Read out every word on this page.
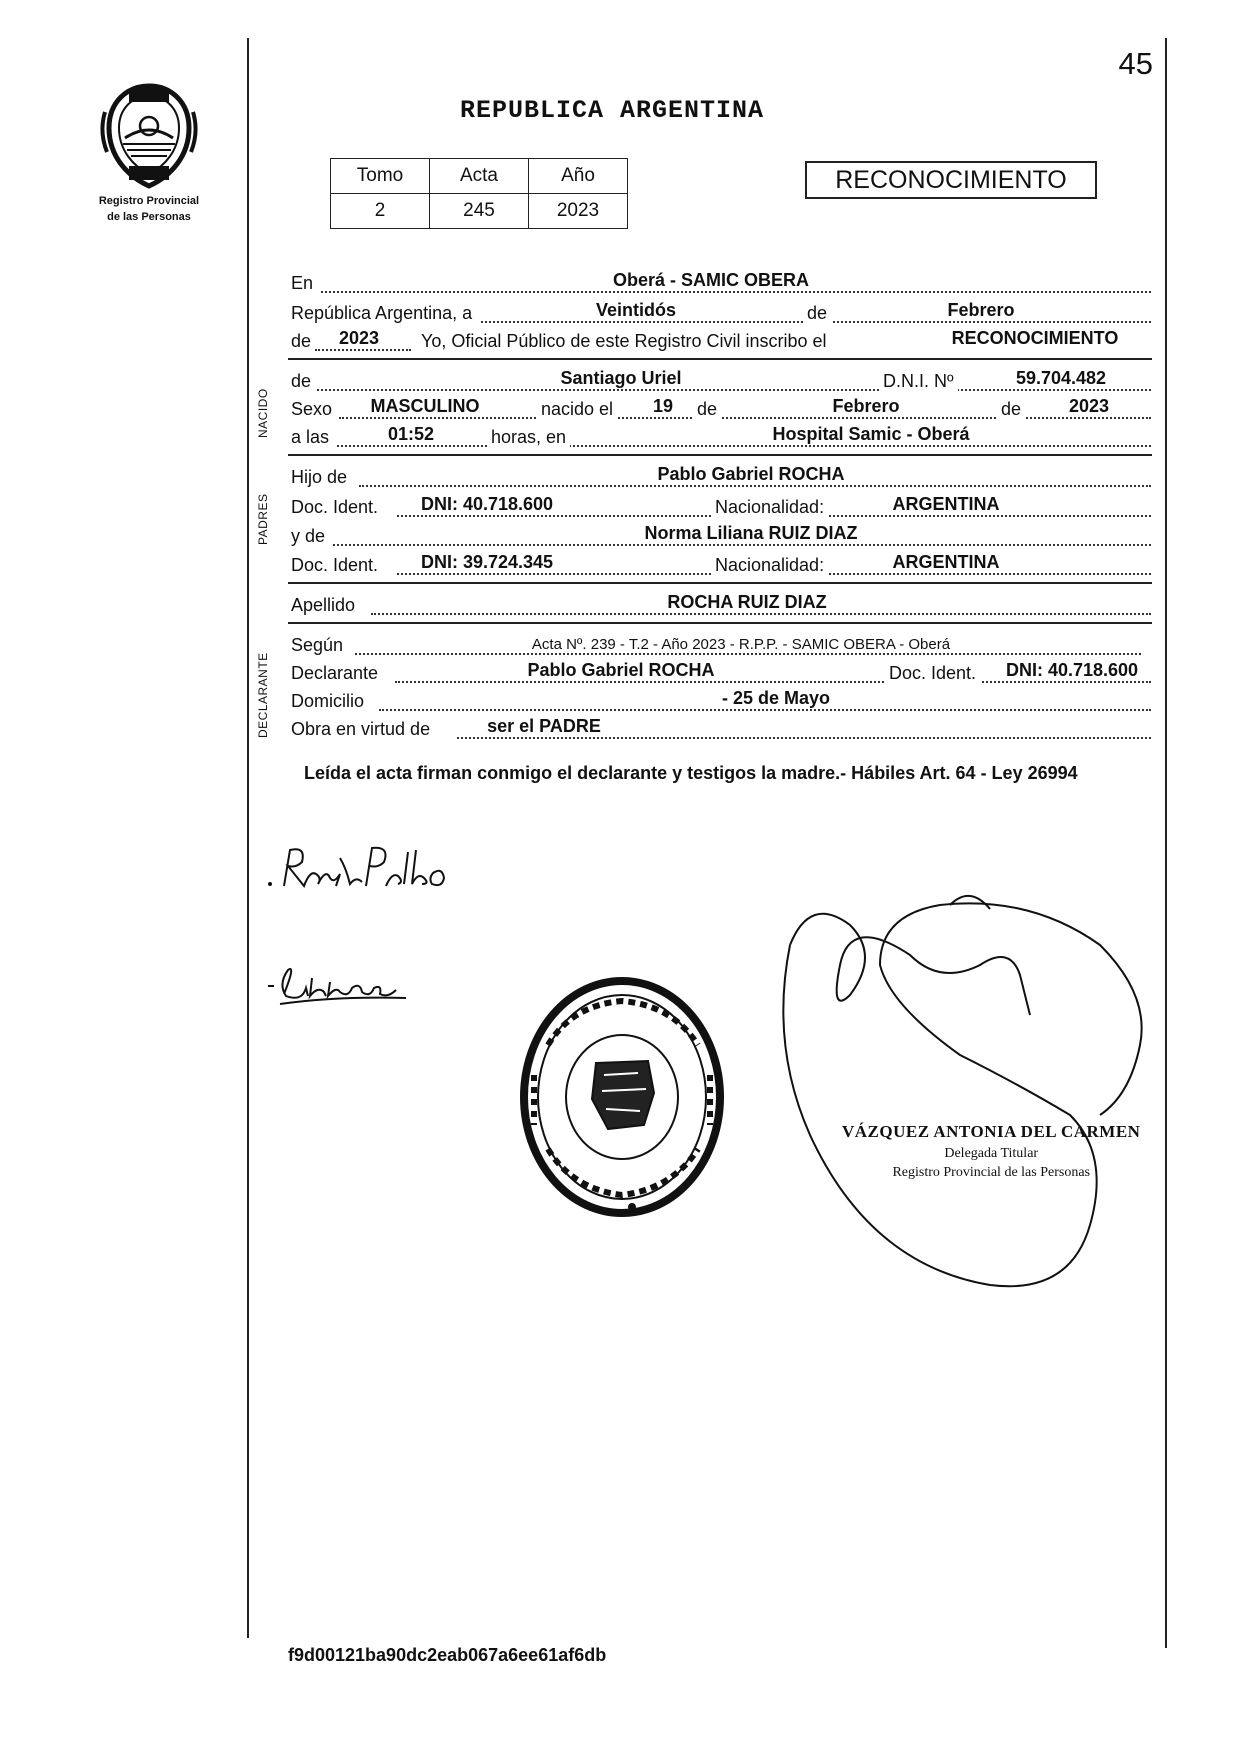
Registro Provincial
de las Personas
45
REPUBLICA ARGENTINA
Tomo	Acta	Año
2	245	2023
RECONOCIMIENTO
En	Oberá - SAMIC OBERA
República Argentina, a	Veintidós	de	Febrero
de	2023	Yo, Oficial Público de este Registro Civil inscribo el	RECONOCIMIENTO
NACIDO
de	Santiago Uriel	D.N.I. Nº	59.704.482
Sexo	MASCULINO	nacido el	19	de	Febrero	de	2023
a las	01:52	horas, en	Hospital Samic - Oberá
PADRES
Hijo de	Pablo Gabriel ROCHA
Doc. Ident.	DNI: 40.718.600	Nacionalidad:	ARGENTINA
y de	Norma Liliana RUIZ DIAZ
Doc. Ident.	DNI: 39.724.345	Nacionalidad:	ARGENTINA
Apellido	ROCHA RUIZ DIAZ
DECLARANTE
Según	Acta Nº. 239 - T.2 - Año 2023 - R.P.P. - SAMIC OBERA - Oberá
Declarante	Pablo Gabriel ROCHA	Doc. Ident.	DNI: 40.718.600
Domicilio	- 25 de Mayo
Obra en virtud de	ser el PADRE
Leída el acta firman conmigo el declarante y testigos la madre.- Hábiles Art. 64 - Ley 26994
VÁZQUEZ ANTONIA DEL CARMEN
Delegada Titular
Registro Provincial de las Personas
f9d00121ba90dc2eab067a6ee61af6db
